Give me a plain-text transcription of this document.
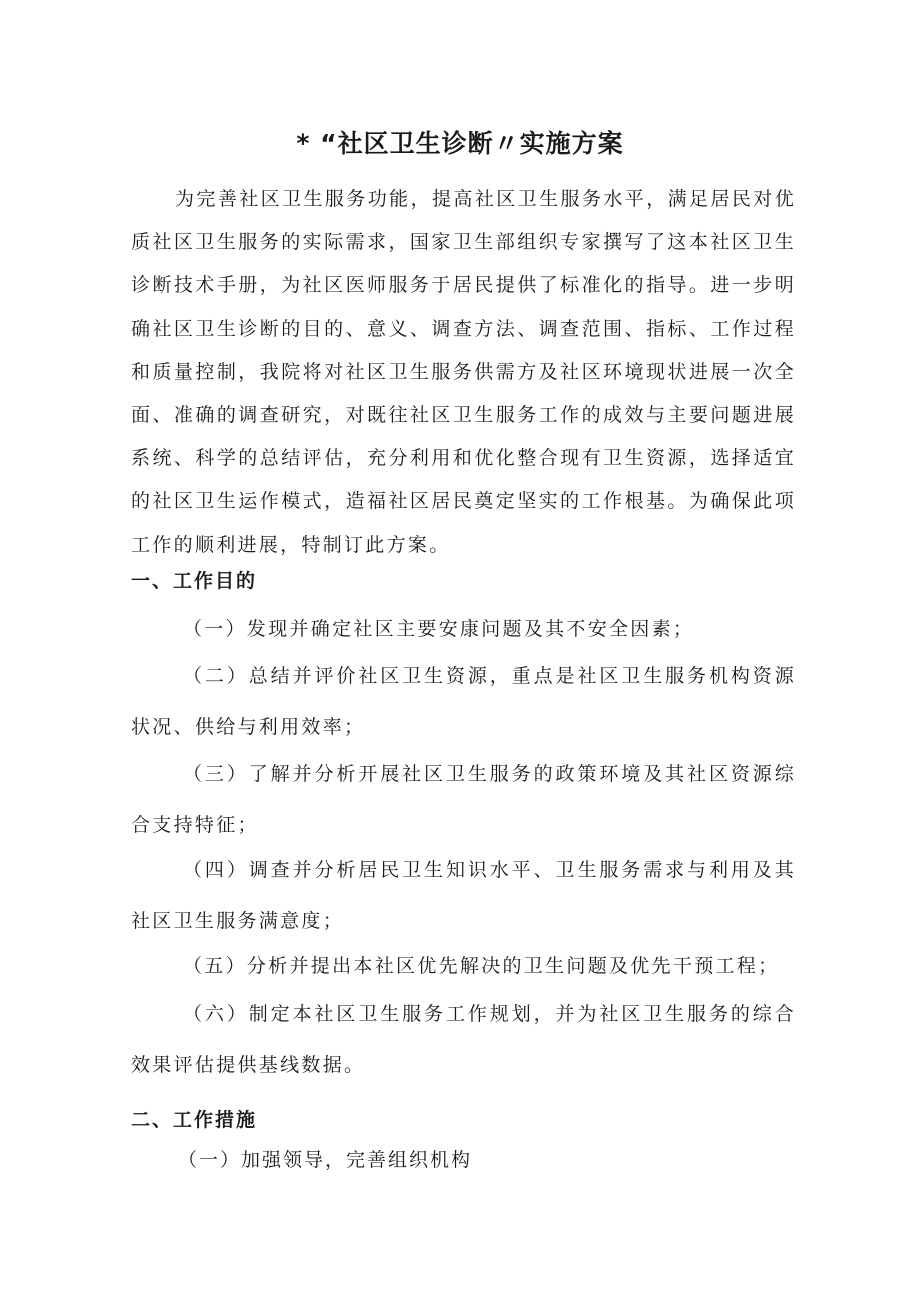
* “社区卫生诊断〃实施方案

为完善社区卫生服务功能，提高社区卫生服务水平，满足居民对优质社区卫生服务的实际需求，国家卫生部组织专家撰写了这本社区卫生诊断技术手册，为社区医师服务于居民提供了标准化的指导。进一步明确社区卫生诊断的目的、意义、调查方法、调查范围、指标、工作过程和质量控制，我院将对社区卫生服务供需方及社区环境现状进展一次全面、准确的调查研究，对既往社区卫生服务工作的成效与主要问题进展系统、科学的总结评估，充分利用和优化整合现有卫生资源，选择适宜的社区卫生运作模式，造福社区居民奠定坚实的工作根基。为确保此项工作的顺利进展，特制订此方案。

一、工作目的

（一）发现并确定社区主要安康问题及其不安全因素；

（二）总结并评价社区卫生资源，重点是社区卫生服务机构资源状况、供给与利用效率；

（三）了解并分析开展社区卫生服务的政策环境及其社区资源综合支持特征；

（四）调查并分析居民卫生知识水平、卫生服务需求与利用及其社区卫生服务满意度；

（五）分析并提出本社区优先解决的卫生问题及优先干预工程；

（六）制定本社区卫生服务工作规划，并为社区卫生服务的综合效果评估提供基线数据。

二、工作措施

（一）加强领导，完善组织机构
